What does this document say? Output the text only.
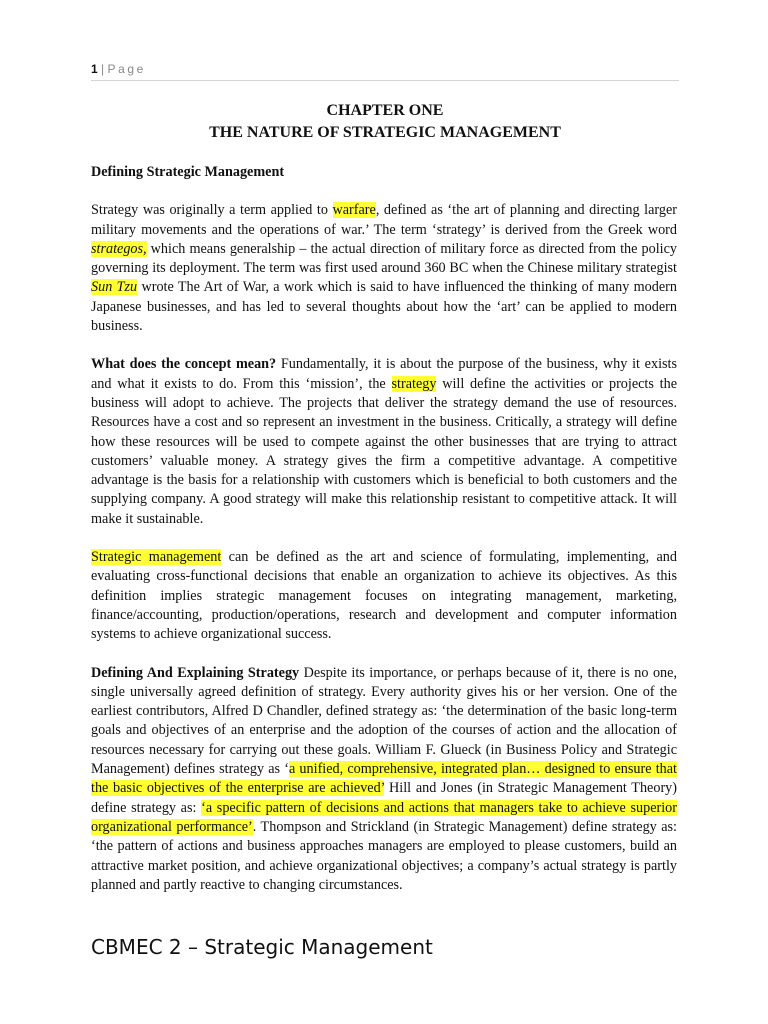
1 | Page
CHAPTER ONE
THE NATURE OF STRATEGIC MANAGEMENT
Defining Strategic Management

Strategy was originally a term applied to warfare, defined as ‘the art of planning and directing larger military movements and the operations of war.’ The term ‘strategy’ is derived from the Greek word strategos, which means generalship – the actual direction of military force as directed from the policy governing its deployment. The term was first used around 360 BC when the Chinese military strategist Sun Tzu wrote The Art of War, a work which is said to have influenced the thinking of many modern Japanese businesses, and has led to several thoughts about how the ‘art’ can be applied to modern business.

What does the concept mean? Fundamentally, it is about the purpose of the business, why it exists and what it exists to do. From this ‘mission’, the strategy will define the activities or projects the business will adopt to achieve. The projects that deliver the strategy demand the use of resources. Resources have a cost and so represent an investment in the business. Critically, a strategy will define how these resources will be used to compete against the other businesses that are trying to attract customers’ valuable money. A strategy gives the firm a competitive advantage. A competitive advantage is the basis for a relationship with customers which is beneficial to both customers and the supplying company. A good strategy will make this relationship resistant to competitive attack. It will make it sustainable.

Strategic management can be defined as the art and science of formulating, implementing, and evaluating cross-functional decisions that enable an organization to achieve its objectives. As this definition implies strategic management focuses on integrating management, marketing, finance/accounting, production/operations, research and development and computer information systems to achieve organizational success.

Defining And Explaining Strategy Despite its importance, or perhaps because of it, there is no one, single universally agreed definition of strategy. Every authority gives his or her version. One of the earliest contributors, Alfred D Chandler, defined strategy as: ‘the determination of the basic long-term goals and objectives of an enterprise and the adoption of the courses of action and the allocation of resources necessary for carrying out these goals. William F. Glueck (in Business Policy and Strategic Management) defines strategy as ‘a unified, comprehensive, integrated plan… designed to ensure that the basic objectives of the enterprise are achieved’ Hill and Jones (in Strategic Management Theory) define strategy as: ‘a specific pattern of decisions and actions that managers take to achieve superior organizational performance’. Thompson and Strickland (in Strategic Management) define strategy as: ‘the pattern of actions and business approaches managers are employed to please customers, build an attractive market position, and achieve organizational objectives; a company’s actual strategy is partly planned and partly reactive to changing circumstances.

CBMEC 2 – Strategic Management
